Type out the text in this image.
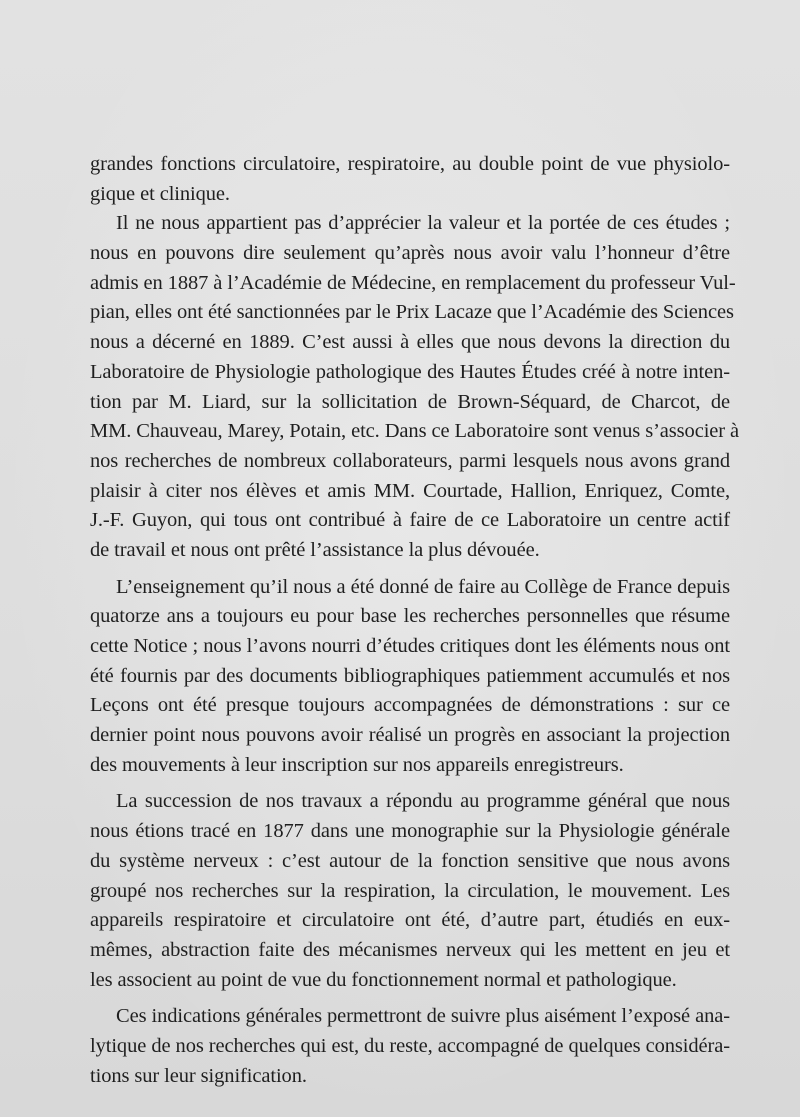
grandes fonctions circulatoire, respiratoire, au double point de vue physiolo-
gique et clinique.
Il ne nous appartient pas d’apprécier la valeur et la portée de ces études ;
nous en pouvons dire seulement qu’après nous avoir valu l’honneur d’être
admis en 1887 à l’Académie de Médecine, en remplacement du professeur Vul-
pian, elles ont été sanctionnées par le Prix Lacaze que l’Académie des Sciences
nous a décerné en 1889. C’est aussi à elles que nous devons la direction du
Laboratoire de Physiologie pathologique des Hautes Études créé à notre inten-
tion par M. Liard, sur la sollicitation de Brown-Séquard, de Charcot, de
MM. Chauveau, Marey, Potain, etc. Dans ce Laboratoire sont venus s’associer à
nos recherches de nombreux collaborateurs, parmi lesquels nous avons grand
plaisir à citer nos élèves et amis MM. Courtade, Hallion, Enriquez, Comte,
J.-F. Guyon, qui tous ont contribué à faire de ce Laboratoire un centre actif
de travail et nous ont prêté l’assistance la plus dévouée.
L’enseignement qu’il nous a été donné de faire au Collège de France depuis
quatorze ans a toujours eu pour base les recherches personnelles que résume
cette Notice ; nous l’avons nourri d’études critiques dont les éléments nous ont
été fournis par des documents bibliographiques patiemment accumulés et nos
Leçons ont été presque toujours accompagnées de démonstrations : sur ce
dernier point nous pouvons avoir réalisé un progrès en associant la projection
des mouvements à leur inscription sur nos appareils enregistreurs.
La succession de nos travaux a répondu au programme général que nous
nous étions tracé en 1877 dans une monographie sur la Physiologie générale
du système nerveux : c’est autour de la fonction sensitive que nous avons
groupé nos recherches sur la respiration, la circulation, le mouvement. Les
appareils respiratoire et circulatoire ont été, d’autre part, étudiés en eux-
mêmes, abstraction faite des mécanismes nerveux qui les mettent en jeu et
les associent au point de vue du fonctionnement normal et pathologique.
Ces indications générales permettront de suivre plus aisément l’exposé ana-
lytique de nos recherches qui est, du reste, accompagné de quelques considéra-
tions sur leur signification.
